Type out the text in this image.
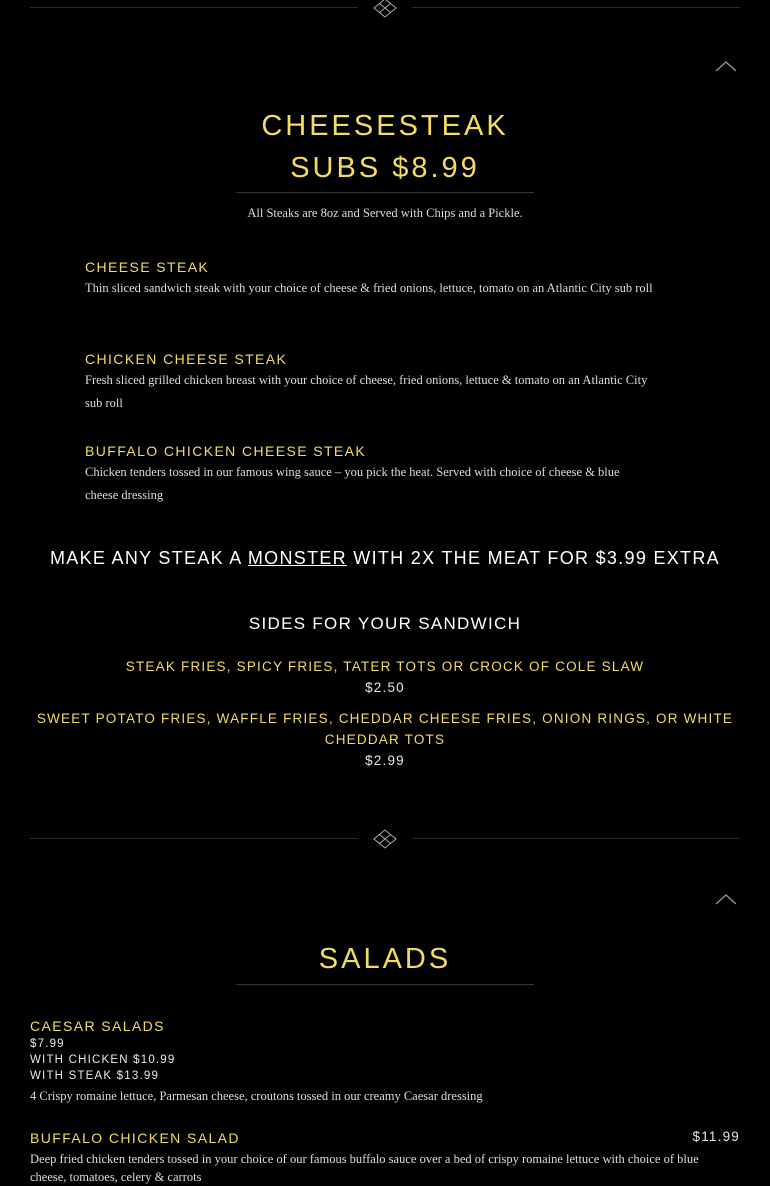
CHEESESTEAK
SUBS $8.99
All Steaks are 8oz and Served with Chips and a Pickle.
CHEESE STEAK
Thin sliced sandwich steak with your choice of cheese & fried onions, lettuce, tomato on an Atlantic City sub roll
CHICKEN CHEESE STEAK
Fresh sliced grilled chicken breast with your choice of cheese, fried onions, lettuce & tomato on an Atlantic City sub roll
BUFFALO CHICKEN CHEESE STEAK
Chicken tenders tossed in our famous wing sauce – you pick the heat. Served with choice of cheese & blue cheese dressing
MAKE ANY STEAK A MONSTER WITH 2X THE MEAT FOR $3.99 EXTRA
SIDES FOR YOUR SANDWICH
STEAK FRIES, SPICY FRIES, TATER TOTS OR CROCK OF COLE SLAW
$2.50
SWEET POTATO FRIES, WAFFLE FRIES, CHEDDAR CHEESE FRIES, ONION RINGS, OR WHITE CHEDDAR TOTS
$2.99
SALADS
CAESAR SALADS
$7.99
WITH CHICKEN $10.99
WITH STEAK $13.99
4 Crispy romaine lettuce, Parmesan cheese, croutons tossed in our creamy Caesar dressing
BUFFALO CHICKEN SALAD	$11.99
Deep fried chicken tenders tossed in your choice of our famous buffalo sauce over a bed of crispy romaine lettuce with choice of blue cheese, tomatoes, celery & carrots
